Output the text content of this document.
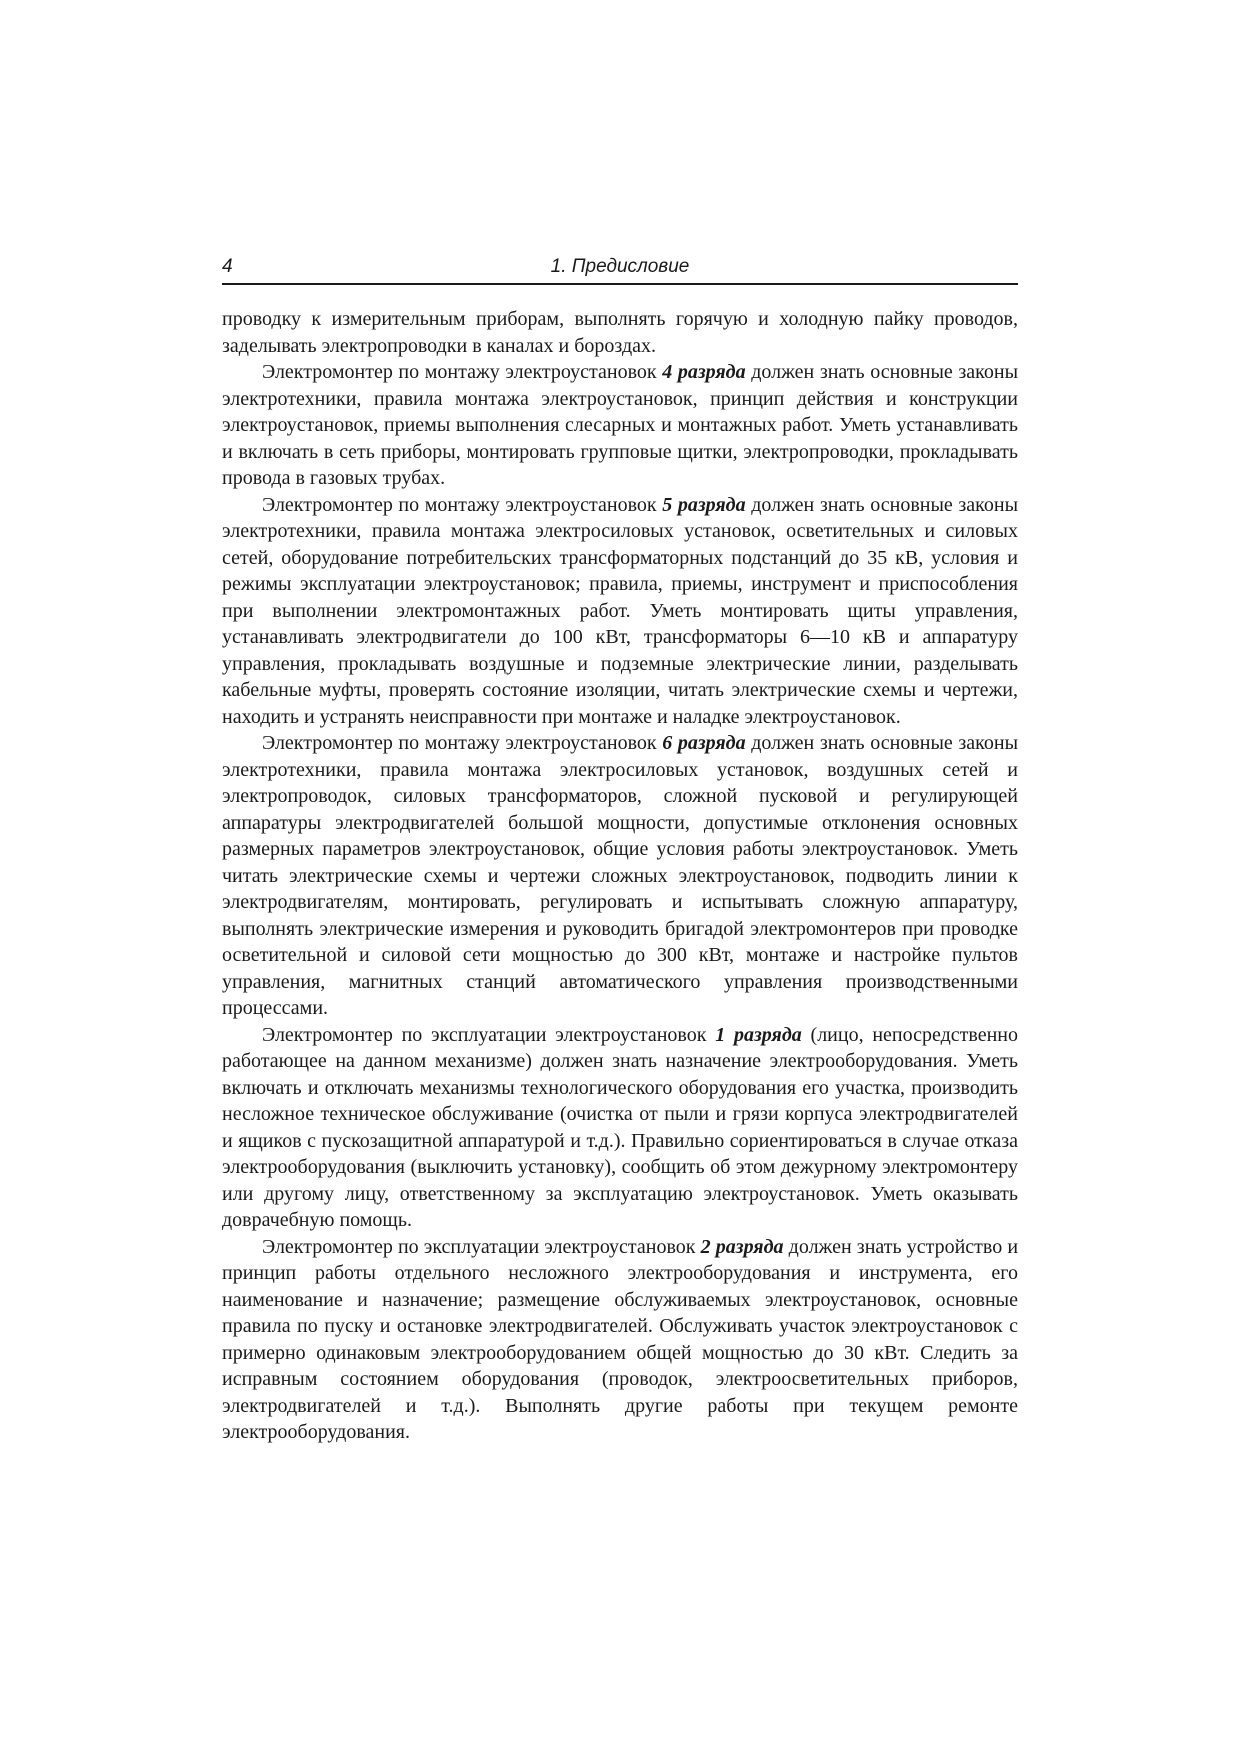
4	1. Предисловие

проводку к измерительным приборам, выполнять горячую и холодную пайку проводов, заделывать электропроводки в каналах и бороздах.

Электромонтер по монтажу электроустановок 4 разряда должен знать основные законы электротехники, правила монтажа электроустановок, принцип действия и конструкции электроустановок, приемы выполнения слесарных и монтажных работ. Уметь устанавливать и включать в сеть приборы, монтировать групповые щитки, электропроводки, прокладывать провода в газовых трубах.

Электромонтер по монтажу электроустановок 5 разряда должен знать основные законы электротехники, правила монтажа электросиловых установок, осветительных и силовых сетей, оборудование потребительских трансформаторных подстанций до 35 кВ, условия и режимы эксплуатации электроустановок; правила, приемы, инструмент и приспособления при выполнении электромонтажных работ. Уметь монтировать щиты управления, устанавливать электродвигатели до 100 кВт, трансформаторы 6—10 кВ и аппаратуру управления, прокладывать воздушные и подземные электрические линии, разделывать кабельные муфты, проверять состояние изоляции, читать электрические схемы и чертежи, находить и устранять неисправности при монтаже и наладке электроустановок.

Электромонтер по монтажу электроустановок 6 разряда должен знать основные законы электротехники, правила монтажа электросиловых установок, воздушных сетей и электропроводок, силовых трансформаторов, сложной пусковой и регулирующей аппаратуры электродвигателей большой мощности, допустимые отклонения основных размерных параметров электроустановок, общие условия работы электроустановок. Уметь читать электрические схемы и чертежи сложных электроустановок, подводить линии к электродвигателям, монтировать, регулировать и испытывать сложную аппаратуру, выполнять электрические измерения и руководить бригадой электромонтеров при проводке осветительной и силовой сети мощностью до 300 кВт, монтаже и настройке пультов управления, магнитных станций автоматического управления производственными процессами.

Электромонтер по эксплуатации электроустановок 1 разряда (лицо, непосредственно работающее на данном механизме) должен знать назначение электрооборудования. Уметь включать и отключать механизмы технологического оборудования его участка, производить несложное техническое обслуживание (очистка от пыли и грязи корпуса электродвигателей и ящиков с пускозащитной аппаратурой и т.д.). Правильно сориентироваться в случае отказа электрооборудования (выключить установку), сообщить об этом дежурному электромонтеру или другому лицу, ответственному за эксплуатацию электроустановок. Уметь оказывать доврачебную помощь.

Электромонтер по эксплуатации электроустановок 2 разряда должен знать устройство и принцип работы отдельного несложного электрооборудования и инструмента, его наименование и назначение; размещение обслуживаемых электроустановок, основные правила по пуску и остановке электродвигателей. Обслуживать участок электроустановок с примерно одинаковым электрооборудованием общей мощностью до 30 кВт. Следить за исправным состоянием оборудования (проводок, электроосветительных приборов, электродвигателей и т.д.). Выполнять другие работы при текущем ремонте электрооборудования.
